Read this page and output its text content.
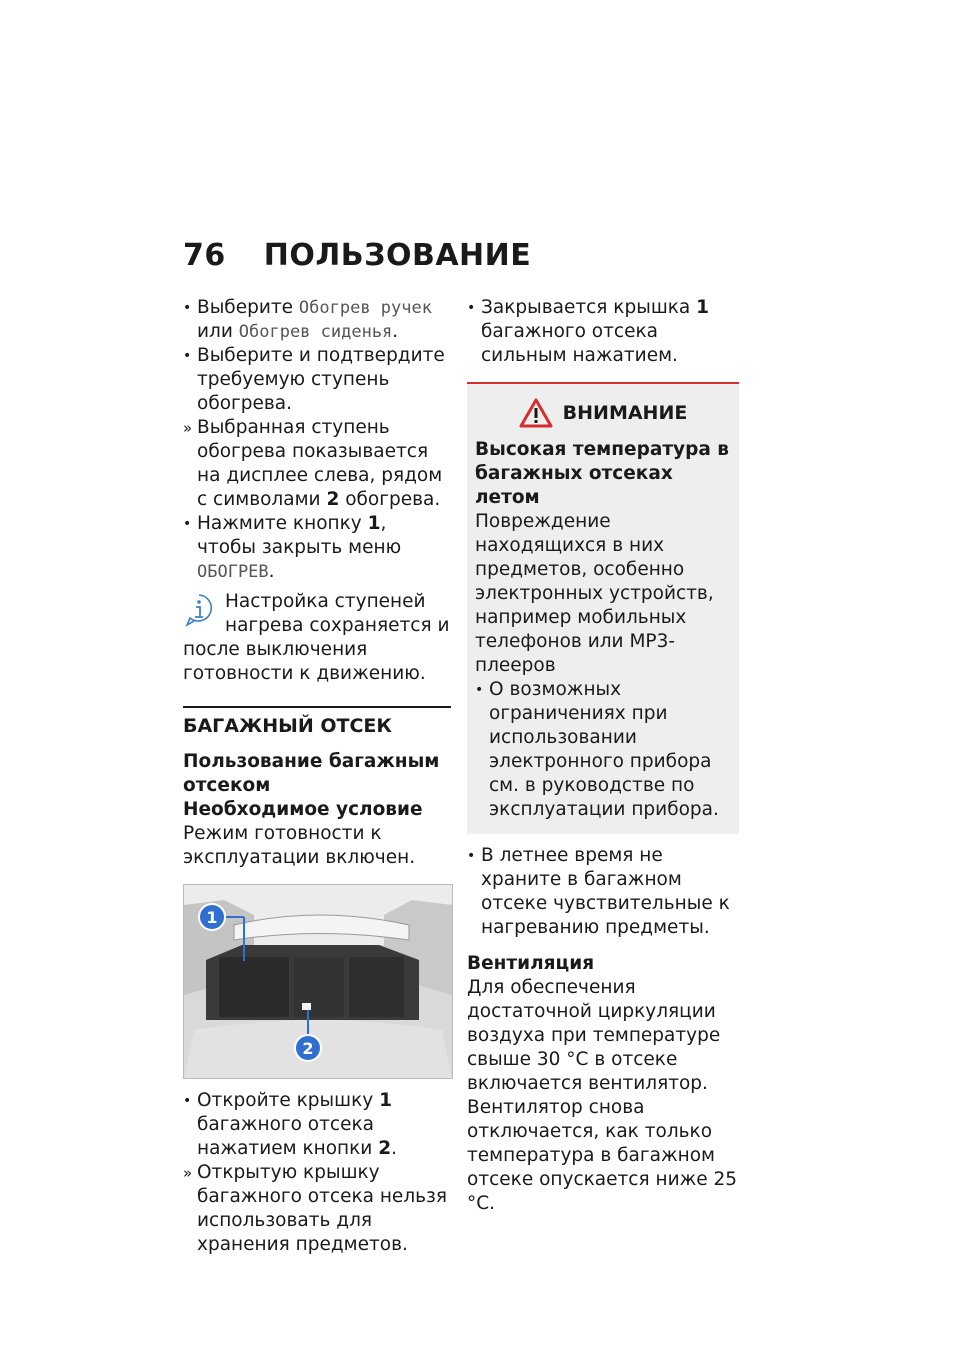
76 ПОЛЬЗОВАНИЕ
• Выберите Обогрев ручек или Обогрев сиденья.
• Выберите и подтвердите требуемую ступень обогрева.
» Выбранная ступень обогрева показывается на дисплее слева, рядом с символами 2 обогрева.
• Нажмите кнопку 1, чтобы закрыть меню ОБОГРЕВ.
Настройка ступеней нагрева сохраняется и после выключения готовности к движению.
БАГАЖНЫЙ ОТСЕК
Пользование багажным отсеком
Необходимое условие
Режим готовности к эксплуатации включен.
1
2
• Откройте крышку 1 багажного отсека нажатием кнопки 2.
» Открытую крышку багажного отсека нельзя использовать для хранения предметов.
• Закрывается крышка 1 багажного отсека сильным нажатием.
ВНИМАНИЕ
Высокая температура в багажных отсеках летом
Повреждение находящихся в них предметов, особенно электронных устройств, например мобильных телефонов или MP3-плееров
• О возможных ограничениях при использовании электронного прибора см. в руководстве по эксплуатации прибора.
• В летнее время не храните в багажном отсеке чувствительные к нагреванию предметы.
Вентиляция
Для обеспечения достаточной циркуляции воздуха при температуре свыше 30 °C в отсеке включается вентилятор. Вентилятор снова отключается, как только температура в багажном отсеке опускается ниже 25 °C.
